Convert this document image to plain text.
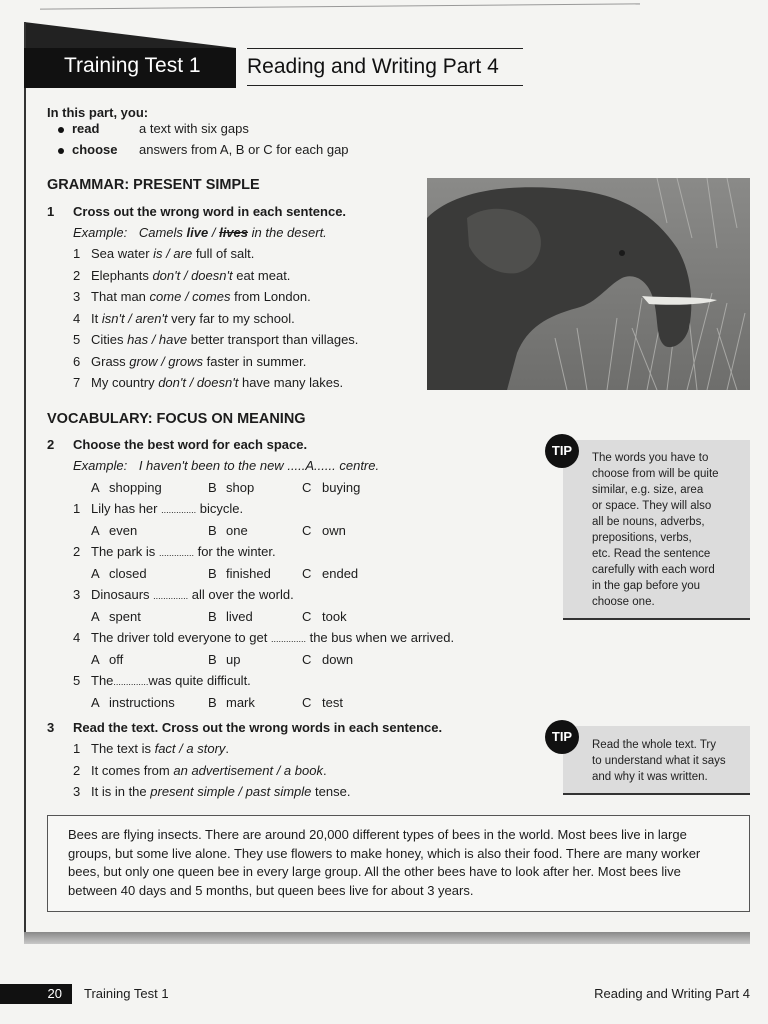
Training Test 1 Reading and Writing Part 4
In this part, you:
read	a text with six gaps
choose answers from A, B or C for each gap
GRAMMAR: PRESENT SIMPLE
1 Cross out the wrong word in each sentence.
Example: Camels live / lives in the desert.
1 Sea water is / are full of salt.
2 Elephants don't / doesn't eat meat.
3 That man come / comes from London.
4 It isn't / aren't very far to my school.
5 Cities has / have better transport than villages.
6 Grass grow / grows faster in summer.
7 My country don't / doesn't have many lakes.
VOCABULARY: FOCUS ON MEANING
2 Choose the best word for each space.
Example: I haven't been to the new .....A...... centre.
A shopping	B shop	C buying
1 Lily has her .............. bicycle.
A even	B one	C own
2 The park is .............. for the winter.
A closed	B finished C ended
3 Dinosaurs .............. all over the world.
A spent	B lived	C took
4 The driver told everyone to get .............. the bus when we arrived.
A off	B up	C down
5 The..............was quite difficult.
A instructions	B mark	C test
3 Read the text. Cross out the wrong words in each sentence.
1 The text is fact / a story.
2 It comes from an advertisement / a book.
3 It is in the present simple / past simple tense.
TIP	The words you have to
choose from will be quite
similar, e.g. size, area
or space. They will also
all be nouns, adverbs,
prepositions, verbs,
etc. Read the sentence
carefully with each word
in the gap before you
choose one.
TIP
Read the whole text. Try
to understand what it says
and why it was written.
Bees are flying insects. There are around 20,000 different types of bees in the world. Most bees live in large groups, but some live alone. They use flowers to make honey, which is also their food. There are many worker bees, but only one queen bee in every large group. All the other bees have to look after her. Most bees live between 40 days and 5 months, but queen bees live for about 3 years.
20	Training Test 1	Reading and Writing Part 4
